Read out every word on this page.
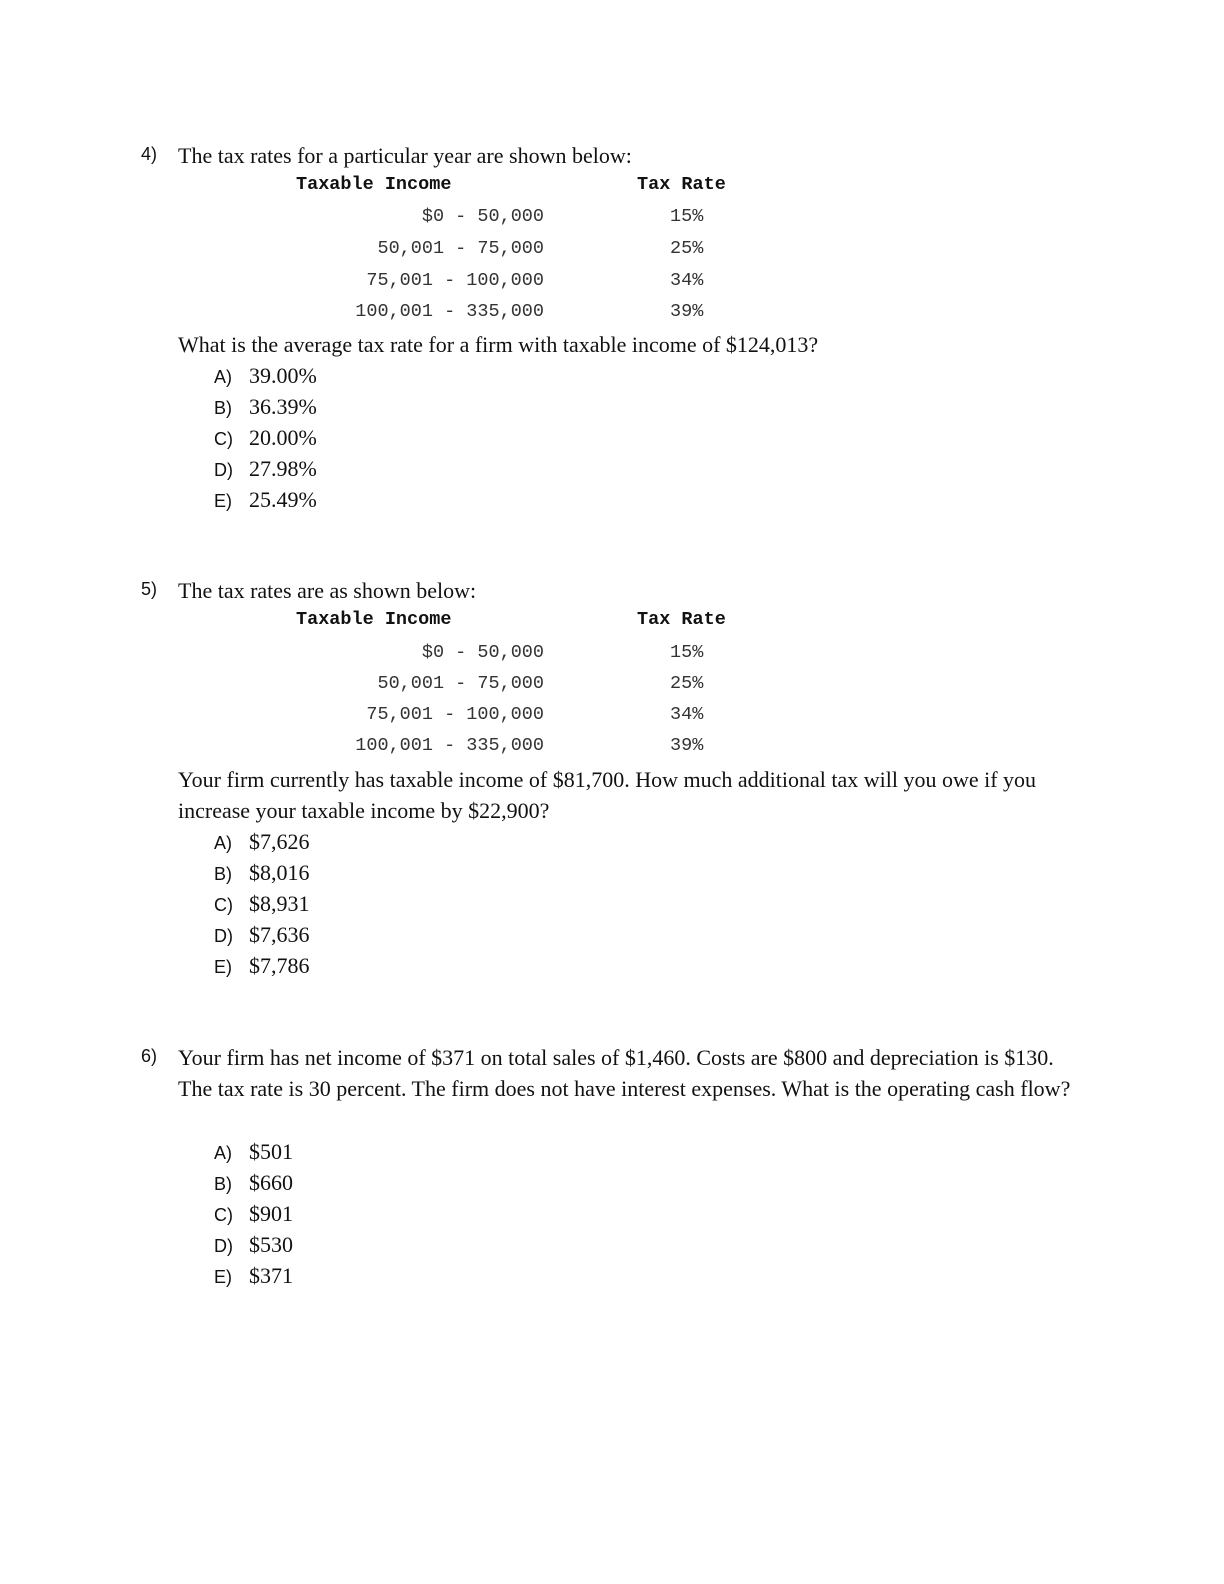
4) The tax rates for a particular year are shown below:

Taxable Income	Tax Rate
$0 - 50,000	15%
50,001 - 75,000	25%
75,001 - 100,000	34%
100,001 - 335,000	39%

What is the average tax rate for a firm with taxable income of $124,013?

A) 39.00%
B) 36.39%
C) 20.00%
D) 27.98%
E) 25.49%
5) The tax rates are as shown below:

Taxable Income	Tax Rate
$0 - 50,000	15%
50,001 - 75,000	25%
75,001 - 100,000	34%
100,001 - 335,000	39%

Your firm currently has taxable income of $81,700. How much additional tax will you owe if you increase your taxable income by $22,900?

A) $7,626
B) $8,016
C) $8,931
D) $7,636
E) $7,786
6) Your firm has net income of $371 on total sales of $1,460. Costs are $800 and depreciation is $130. The tax rate is 30 percent. The firm does not have interest expenses. What is the operating cash flow?

A) $501
B) $660
C) $901
D) $530
E) $371
